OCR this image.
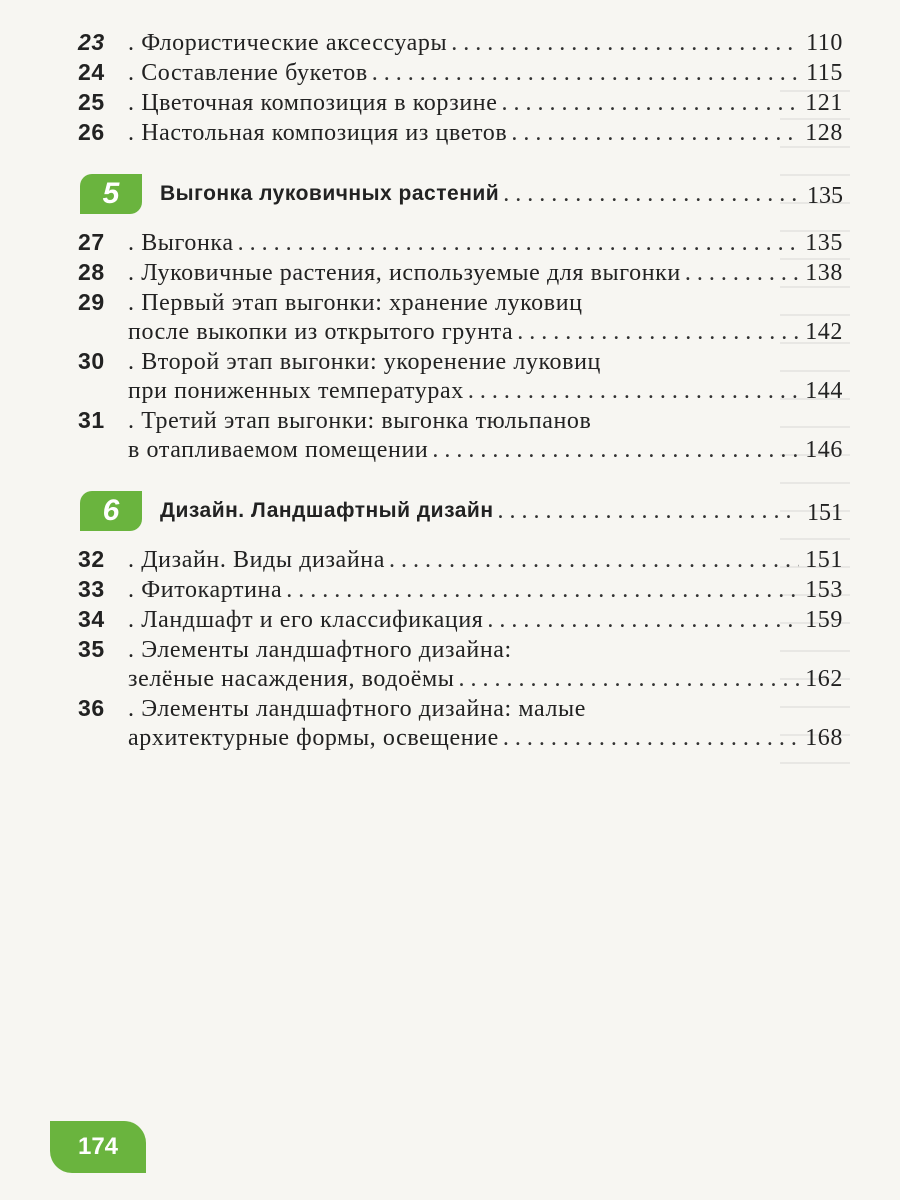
23 . Флористические аксессуары . . .	110
24 . Составление букетов . . .	115
25 . Цветочная композиция в корзине . . .	121
26 . Настольная композиция из цветов . . .	128
5	Выгонка луковичных растений . . .	135
27 . Выгонка . . .	135
28 . Луковичные растения, используемые для выгонки . . .	138
29 . Первый этап выгонки: хранение луковиц
после выкопки из открытого грунта . . .	142
30 . Второй этап выгонки: укоренение луковиц
при пониженных температурах . . .	144
31 . Третий этап выгонки: выгонка тюльпанов
в отапливаемом помещении . . .	146
6	Дизайн. Ландшафтный дизайн . . .	151
32 . Дизайн. Виды дизайна . . .	151
33 . Фитокартина . . .	153
34 . Ландшафт и его классификация . . .	159
35 . Элементы ландшафтного дизайна:
зелёные насаждения, водоёмы . . .	162
36 . Элементы ландшафтного дизайна: малые
архитектурные формы, освещение . . .	168
174
